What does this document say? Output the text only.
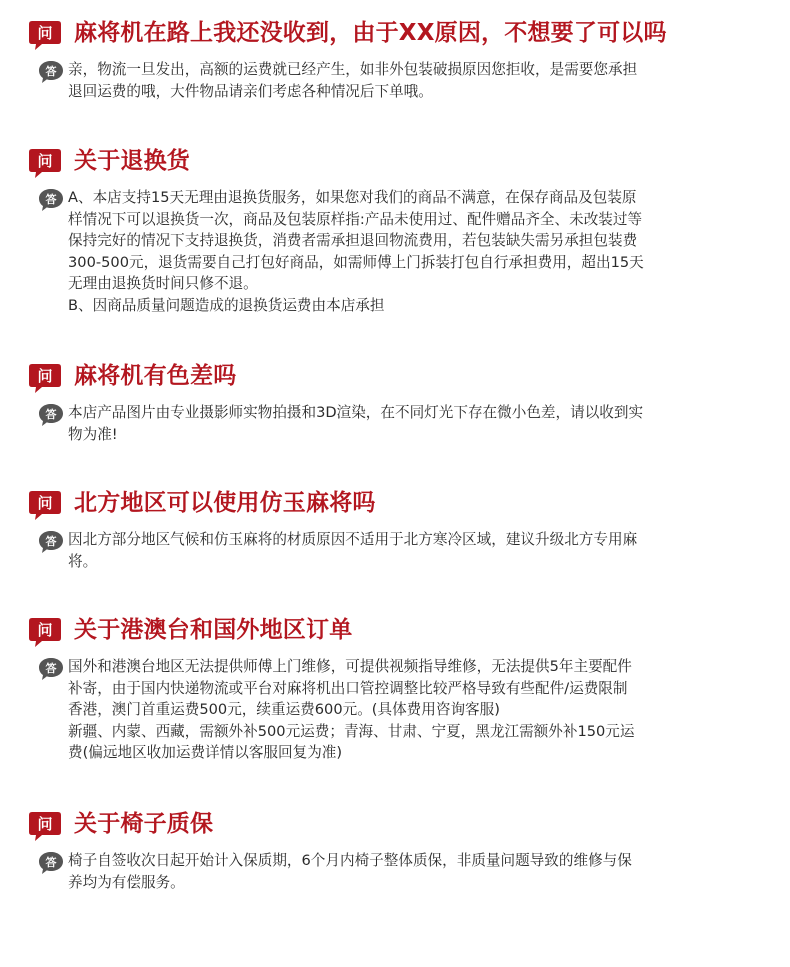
问 麻将机在路上我还没收到，由于XX原因，不想要了可以吗
答 亲，物流一旦发出，高额的运费就已经产生，如非外包装破损原因您拒收，是需要您承担
退回运费的哦，大件物品请亲们考虑各种情况后下单哦。
问 关于退换货
答 A、本店支持15天无理由退换货服务，如果您对我们的商品不满意，在保存商品及包装原
样情况下可以退换货一次，商品及包装原样指:产品未使用过、配件赠品齐全、未改装过等
保持完好的情况下支持退换货，消费者需承担退回物流费用，若包装缺失需另承担包装费
300-500元，退货需要自己打包好商品，如需师傅上门拆装打包自行承担费用，超出15天
无理由退换货时间只修不退。
B、因商品质量问题造成的退换货运费由本店承担
问 麻将机有色差吗
答 本店产品图片由专业摄影师实物拍摄和3D渲染，在不同灯光下存在微小色差，请以收到实
物为准!
问 北方地区可以使用仿玉麻将吗
答 因北方部分地区气候和仿玉麻将的材质原因不适用于北方寒冷区域，建议升级北方专用麻
将。
问 关于港澳台和国外地区订单
答 国外和港澳台地区无法提供师傅上门维修，可提供视频指导维修，无法提供5年主要配件
补寄，由于国内快递物流或平台对麻将机出口管控调整比较严格导致有些配件/运费限制
香港，澳门首重运费500元，续重运费600元。(具体费用咨询客服)
新疆、内蒙、西藏，需额外补500元运费；青海、甘肃、宁夏，黑龙江需额外补150元运
费(偏远地区收加运费详情以客服回复为准)
问 关于椅子质保
答 椅子自签收次日起开始计入保质期，6个月内椅子整体质保，非质量问题导致的维修与保
养均为有偿服务。
